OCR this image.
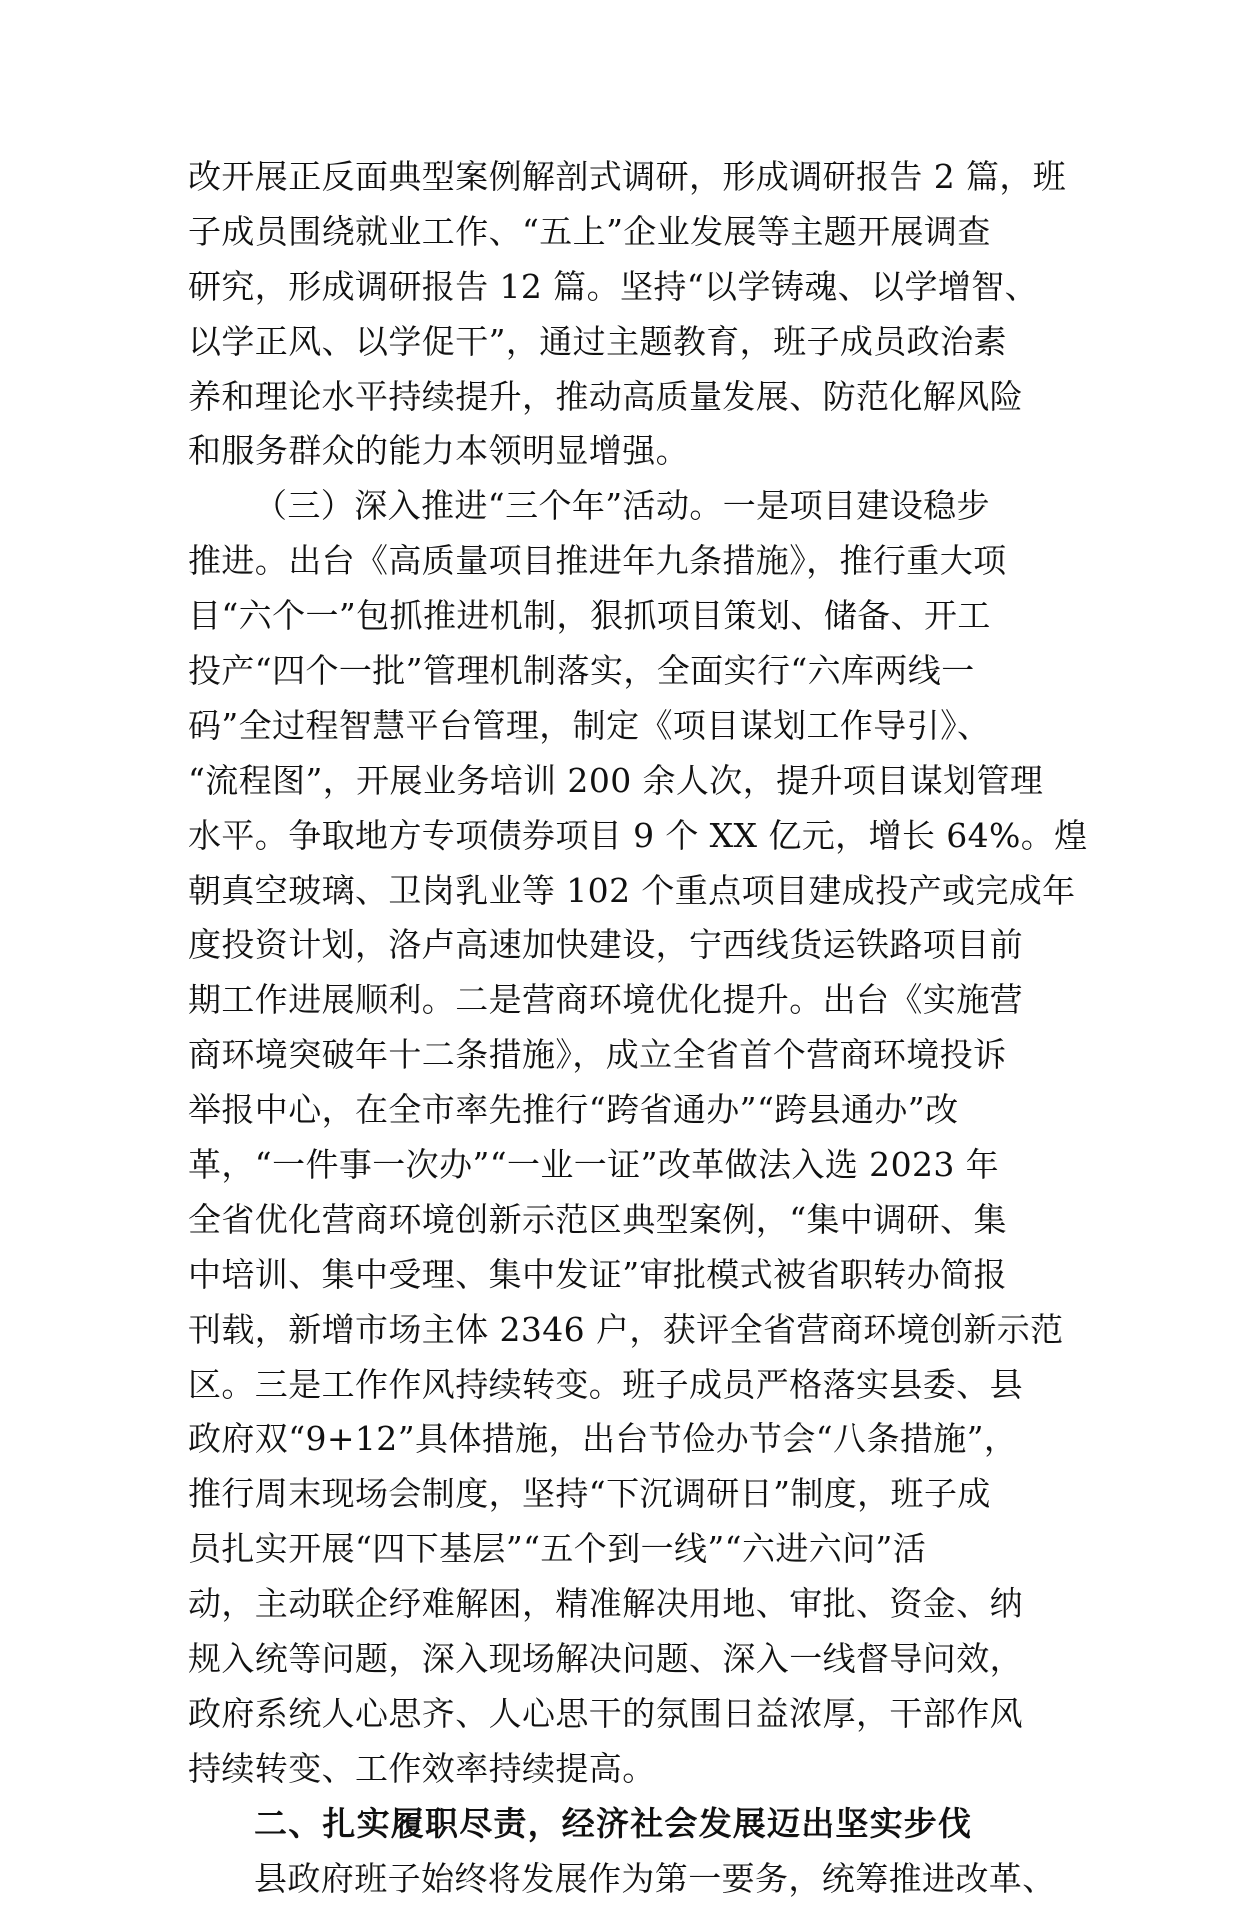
改开展正反面典型案例解剖式调研，形成调研报告 2 篇，班
子成员围绕就业工作、“五上”企业发展等主题开展调查
研究，形成调研报告 12 篇。坚持“以学铸魂、以学增智、
以学正风、以学促干”，通过主题教育，班子成员政治素
养和理论水平持续提升，推动高质量发展、防范化解风险
和服务群众的能力本领明显增强。
（三）深入推进“三个年”活动。一是项目建设稳步
推进。出台《高质量项目推进年九条措施》，推行重大项
目“六个一”包抓推进机制，狠抓项目策划、储备、开工
投产“四个一批”管理机制落实，全面实行“六库两线一
码”全过程智慧平台管理，制定《项目谋划工作导引》、
“流程图”，开展业务培训 200 余人次，提升项目谋划管理
水平。争取地方专项债券项目 9 个 XX 亿元，增长 64%。煌
朝真空玻璃、卫岗乳业等 102 个重点项目建成投产或完成年
度投资计划，洛卢高速加快建设，宁西线货运铁路项目前
期工作进展顺利。二是营商环境优化提升。出台《实施营
商环境突破年十二条措施》，成立全省首个营商环境投诉
举报中心，在全市率先推行“跨省通办”“跨县通办”改
革，“一件事一次办”“一业一证”改革做法入选 2023 年
全省优化营商环境创新示范区典型案例，“集中调研、集
中培训、集中受理、集中发证”审批模式被省职转办简报
刊载，新增市场主体 2346 户，获评全省营商环境创新示范
区。三是工作作风持续转变。班子成员严格落实县委、县
政府双“9+12”具体措施，出台节俭办节会“八条措施”，
推行周末现场会制度，坚持“下沉调研日”制度，班子成
员扎实开展“四下基层”“五个到一线”“六进六问”活
动，主动联企纾难解困，精准解决用地、审批、资金、纳
规入统等问题，深入现场解决问题、深入一线督导问效，
政府系统人心思齐、人心思干的氛围日益浓厚，干部作风
持续转变、工作效率持续提高。
二、扎实履职尽责，经济社会发展迈出坚实步伐
县政府班子始终将发展作为第一要务，统筹推进改革、
